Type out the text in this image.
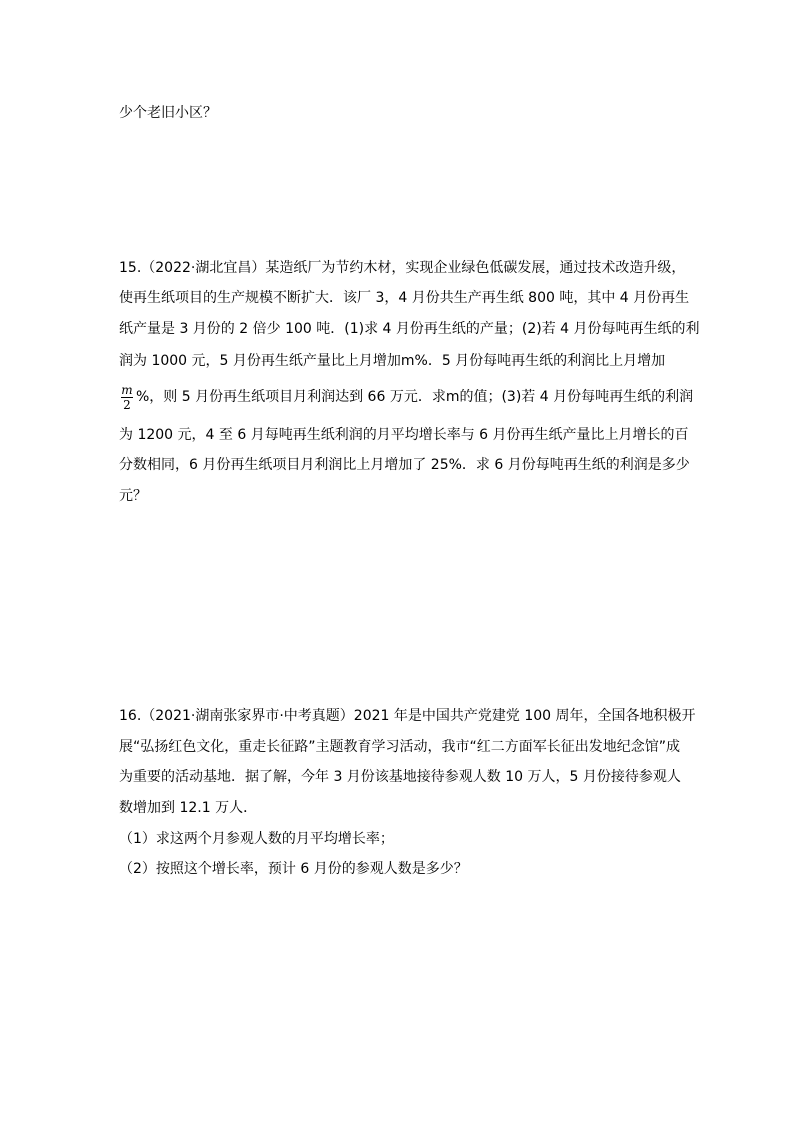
少个老旧小区？
15.（2022·湖北宜昌）某造纸厂为节约木材，实现企业绿色低碳发展，通过技术改造升级，
使再生纸项目的生产规模不断扩大．该厂 3，4 月份共生产再生纸 800 吨，其中 4 月份再生
纸产量是 3 月份的 2 倍少 100 吨．(1)求 4 月份再生纸的产量；(2)若 4 月份每吨再生纸的利
润为 1000 元，5 月份再生纸产量比上月增加m%．5 月份每吨再生纸的利润比上月增加
m
2 %，则 5 月份再生纸项目月利润达到 66 万元．求m的值；(3)若 4 月份每吨再生纸的利润
为 1200 元，4 至 6 月每吨再生纸利润的月平均增长率与 6 月份再生纸产量比上月增长的百
分数相同，6 月份再生纸项目月利润比上月增加了 25%．求 6 月份每吨再生纸的利润是多少
元？
16.（2021·湖南张家界市·中考真题）2021 年是中国共产党建党 100 周年，全国各地积极开
展“弘扬红色文化，重走长征路”主题教育学习活动，我市“红二方面军长征出发地纪念馆”成
为重要的活动基地．据了解，今年 3 月份该基地接待参观人数 10 万人，5 月份接待参观人
数增加到 12.1 万人．
（1）求这两个月参观人数的月平均增长率；
（2）按照这个增长率，预计 6 月份的参观人数是多少？
